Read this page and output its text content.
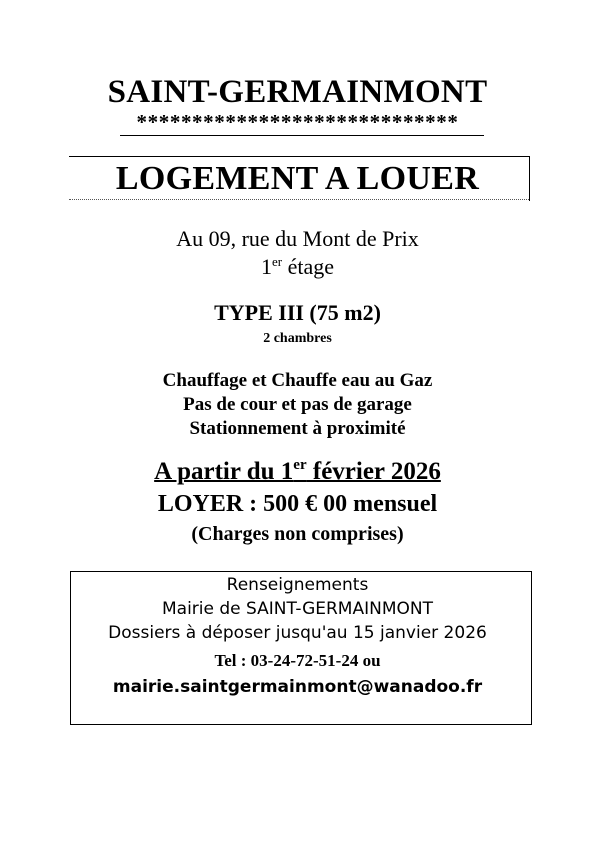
SAINT-GERMAINMONT
*****************************
LOGEMENT A LOUER
Au 09, rue du Mont de Prix
1er étage
TYPE III (75 m2)
2 chambres
Chauffage et Chauffe eau au Gaz
Pas de cour et pas de garage
Stationnement à proximité
A partir du 1er février 2026
LOYER : 500 € 00 mensuel
(Charges non comprises)
Renseignements
Mairie de SAINT-GERMAINMONT
Dossiers à déposer jusqu'au 15 janvier 2026
Tel : 03-24-72-51-24 ou
mairie.saintgermainmont@wanadoo.fr
